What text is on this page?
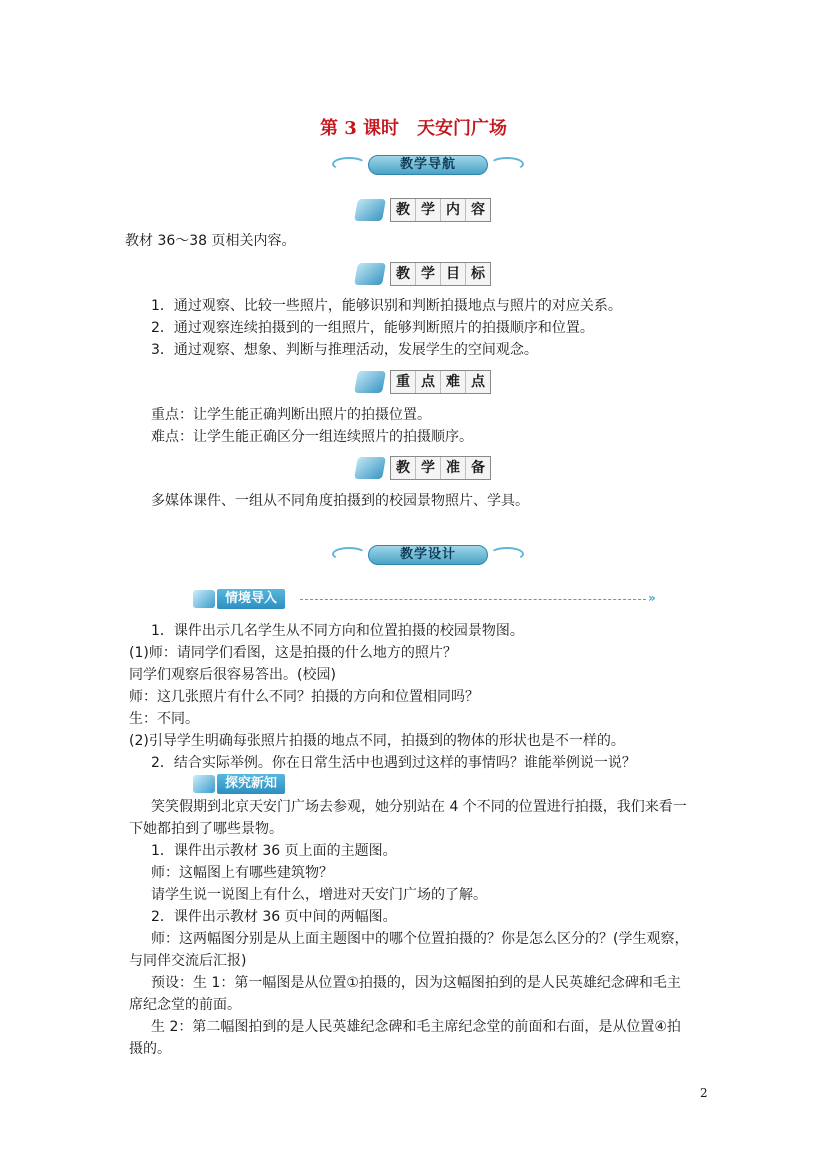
第 3 课时　天安门广场
教学导航
教 学 内 容
教材 36～38 页相关内容。
教 学 目 标
1．通过观察、比较一些照片，能够识别和判断拍摄地点与照片的对应关系。
2．通过观察连续拍摄到的一组照片，能够判断照片的拍摄顺序和位置。
3．通过观察、想象、判断与推理活动，发展学生的空间观念。
重 点 难 点
重点：让学生能正确判断出照片的拍摄位置。
难点：让学生能正确区分一组连续照片的拍摄顺序。
教 学 准 备
多媒体课件、一组从不同角度拍摄到的校园景物照片、学具。
教学设计
情境导入	»
1．课件出示几名学生从不同方向和位置拍摄的校园景物图。
(1)师：请同学们看图，这是拍摄的什么地方的照片？
同学们观察后很容易答出。(校园)
师：这几张照片有什么不同？拍摄的方向和位置相同吗？
生：不同。
(2)引导学生明确每张照片拍摄的地点不同，拍摄到的物体的形状也是不一样的。
2．结合实际举例。你在日常生活中也遇到过这样的事情吗？谁能举例说一说？
探究新知
笑笑假期到北京天安门广场去参观，她分别站在 4 个不同的位置进行拍摄，我们来看一
下她都拍到了哪些景物。
1．课件出示教材 36 页上面的主题图。
师：这幅图上有哪些建筑物？
请学生说一说图上有什么，增进对天安门广场的了解。
2．课件出示教材 36 页中间的两幅图。
师：这两幅图分别是从上面主题图中的哪个位置拍摄的？你是怎么区分的？(学生观察，
与同伴交流后汇报)
预设：生 1：第一幅图是从位置①拍摄的，因为这幅图拍到的是人民英雄纪念碑和毛主
席纪念堂的前面。
生 2：第二幅图拍到的是人民英雄纪念碑和毛主席纪念堂的前面和右面，是从位置④拍
摄的。
2
